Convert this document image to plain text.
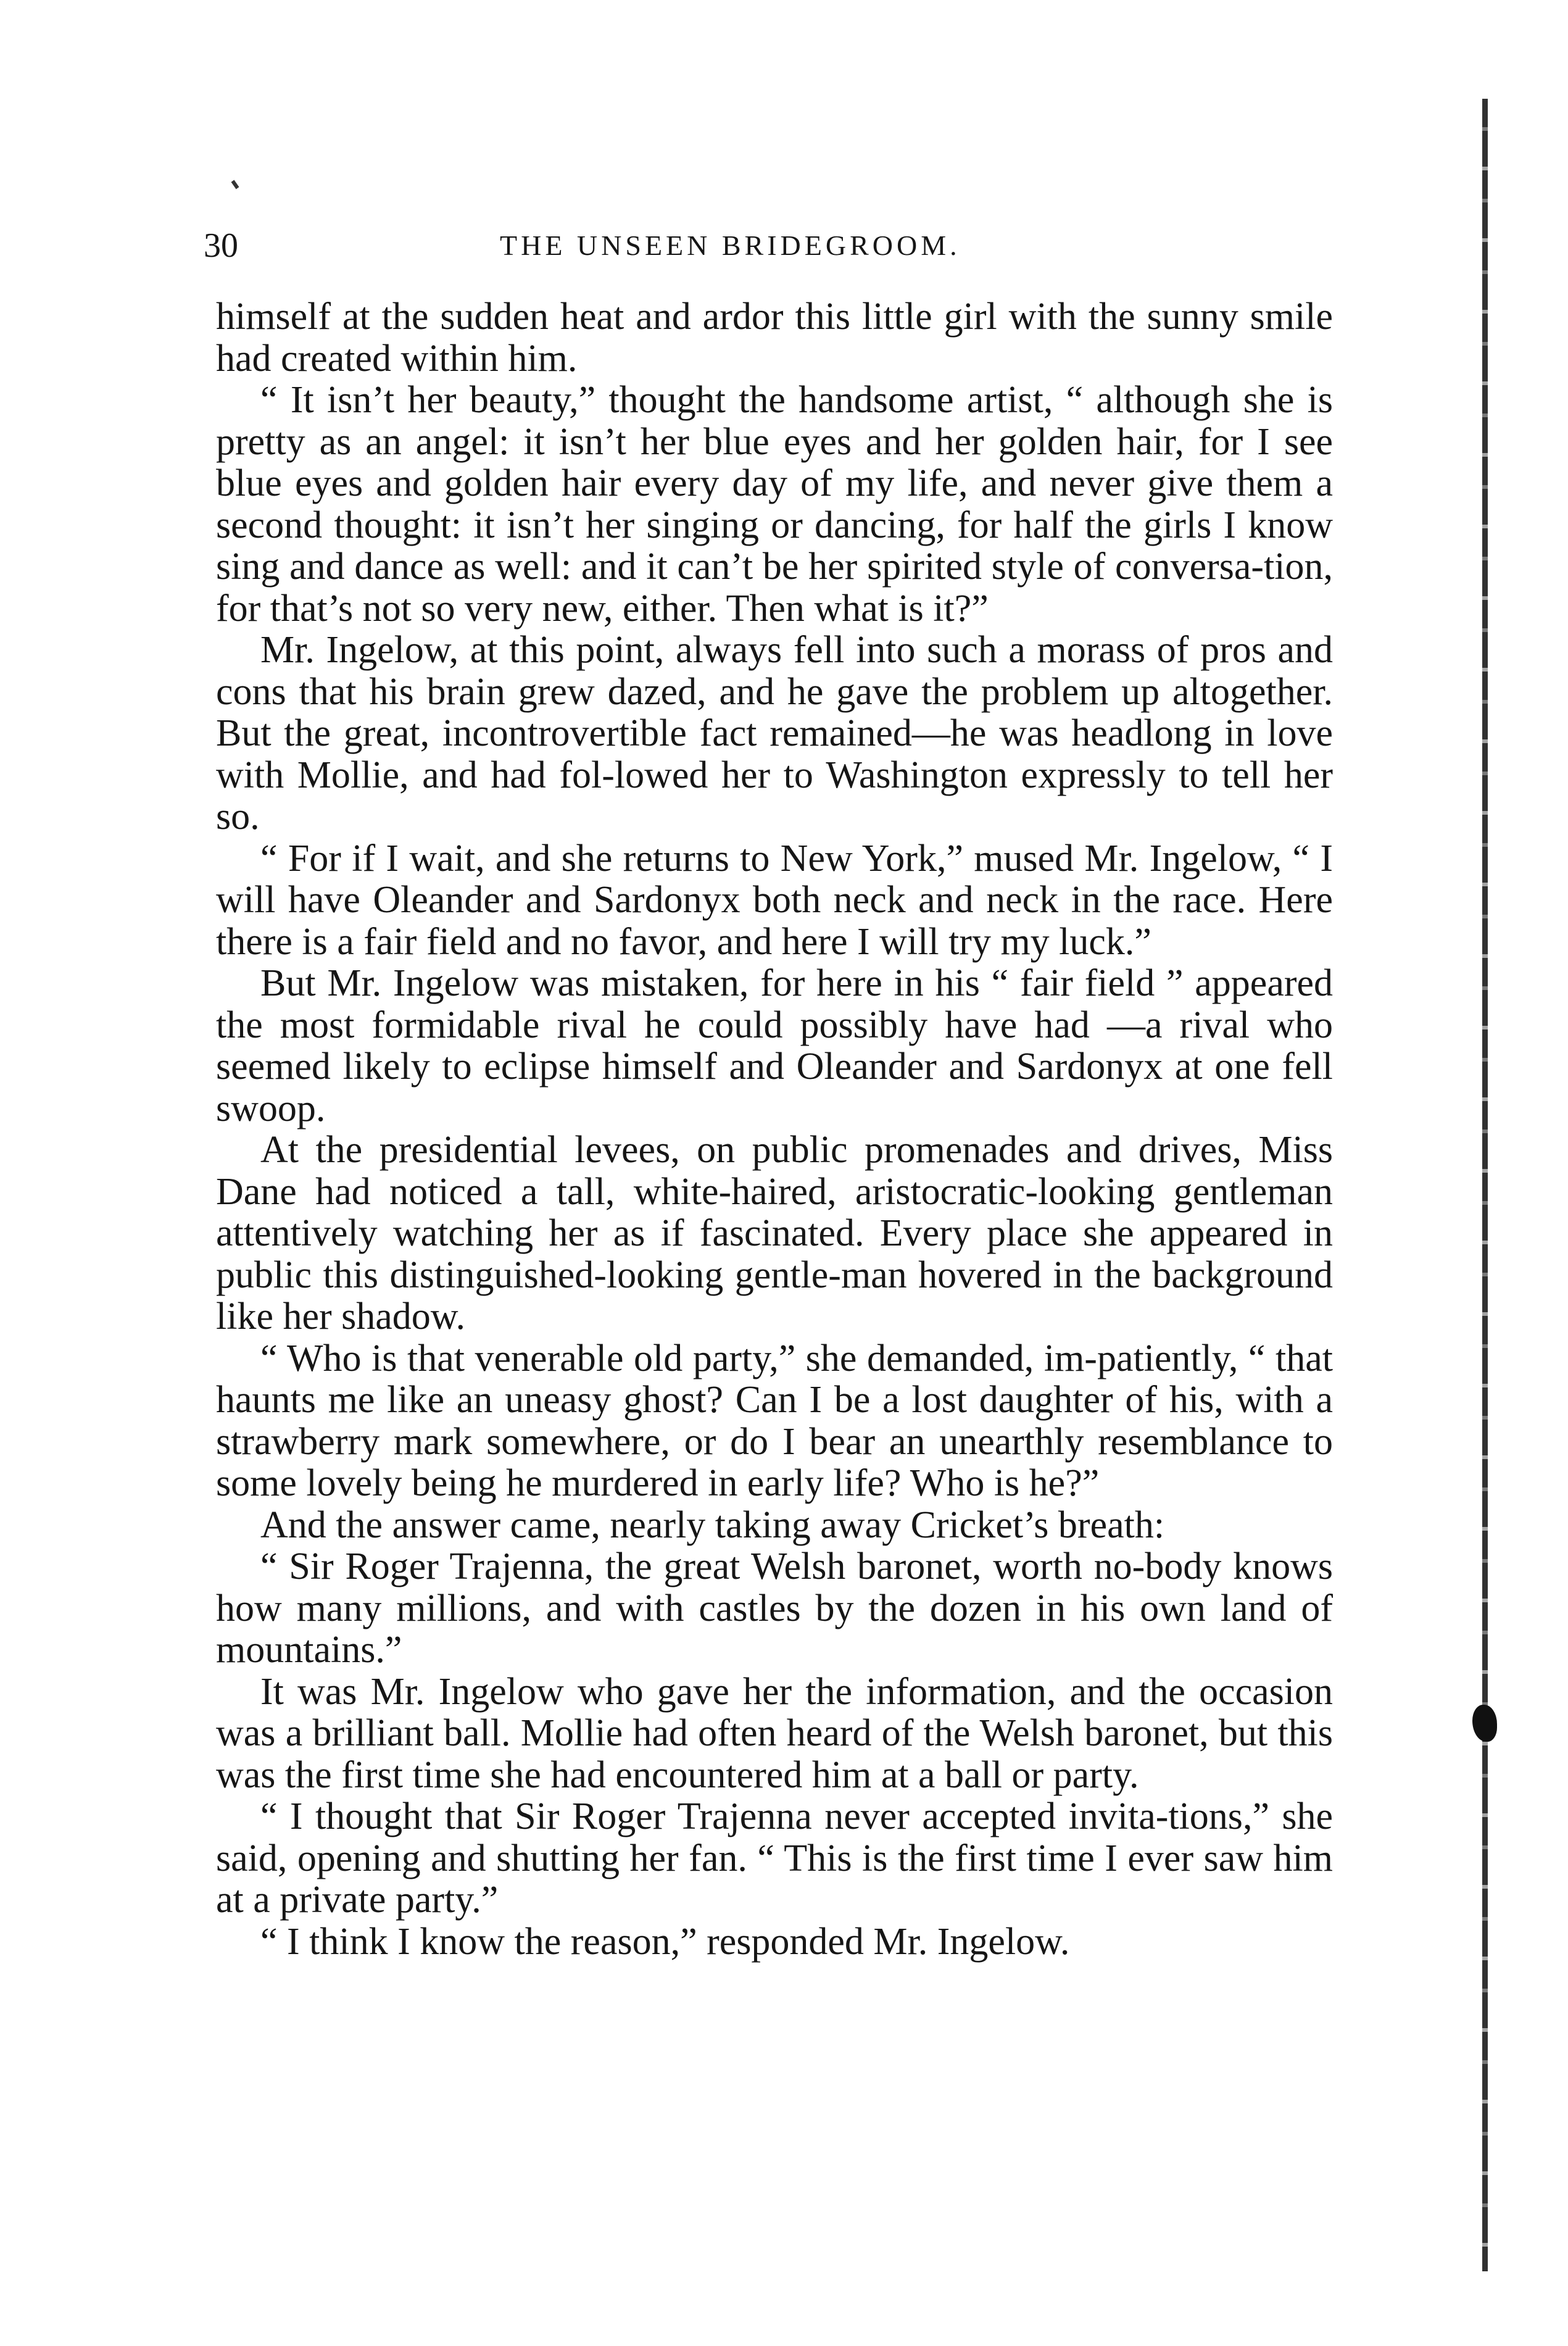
30	THE UNSEEN BRIDEGROOM.

himself at the sudden heat and ardor this little girl with the sunny smile had created within him.

“ It isn’t her beauty,” thought the handsome artist, “ although she is pretty as an angel: it isn’t her blue eyes and her golden hair, for I see blue eyes and golden hair every day of my life, and never give them a second thought: it isn’t her singing or dancing, for half the girls I know sing and dance as well: and it can’t be her spirited style of conversa-tion, for that’s not so very new, either. Then what is it?”

Mr. Ingelow, at this point, always fell into such a morass of pros and cons that his brain grew dazed, and he gave the problem up altogether. But the great, incontrovertible fact remained—he was headlong in love with Mollie, and had fol-lowed her to Washington expressly to tell her so.

“ For if I wait, and she returns to New York,” mused Mr. Ingelow, “ I will have Oleander and Sardonyx both neck and neck in the race. Here there is a fair field and no favor, and here I will try my luck.”

But Mr. Ingelow was mistaken, for here in his “ fair field ” appeared the most formidable rival he could possibly have had —a rival who seemed likely to eclipse himself and Oleander and Sardonyx at one fell swoop.

At the presidential levees, on public promenades and drives, Miss Dane had noticed a tall, white-haired, aristocratic-looking gentleman attentively watching her as if fascinated. Every place she appeared in public this distinguished-looking gentle-man hovered in the background like her shadow.

“ Who is that venerable old party,” she demanded, im-patiently, “ that haunts me like an uneasy ghost? Can I be a lost daughter of his, with a strawberry mark somewhere, or do I bear an unearthly resemblance to some lovely being he murdered in early life? Who is he?”

And the answer came, nearly taking away Cricket’s breath:

“ Sir Roger Trajenna, the great Welsh baronet, worth no-body knows how many millions, and with castles by the dozen in his own land of mountains.”

It was Mr. Ingelow who gave her the information, and the occasion was a brilliant ball. Mollie had often heard of the Welsh baronet, but this was the first time she had encountered him at a ball or party.

“ I thought that Sir Roger Trajenna never accepted invita-tions,” she said, opening and shutting her fan. “ This is the first time I ever saw him at a private party.”

“ I think I know the reason,” responded Mr. Ingelow.
